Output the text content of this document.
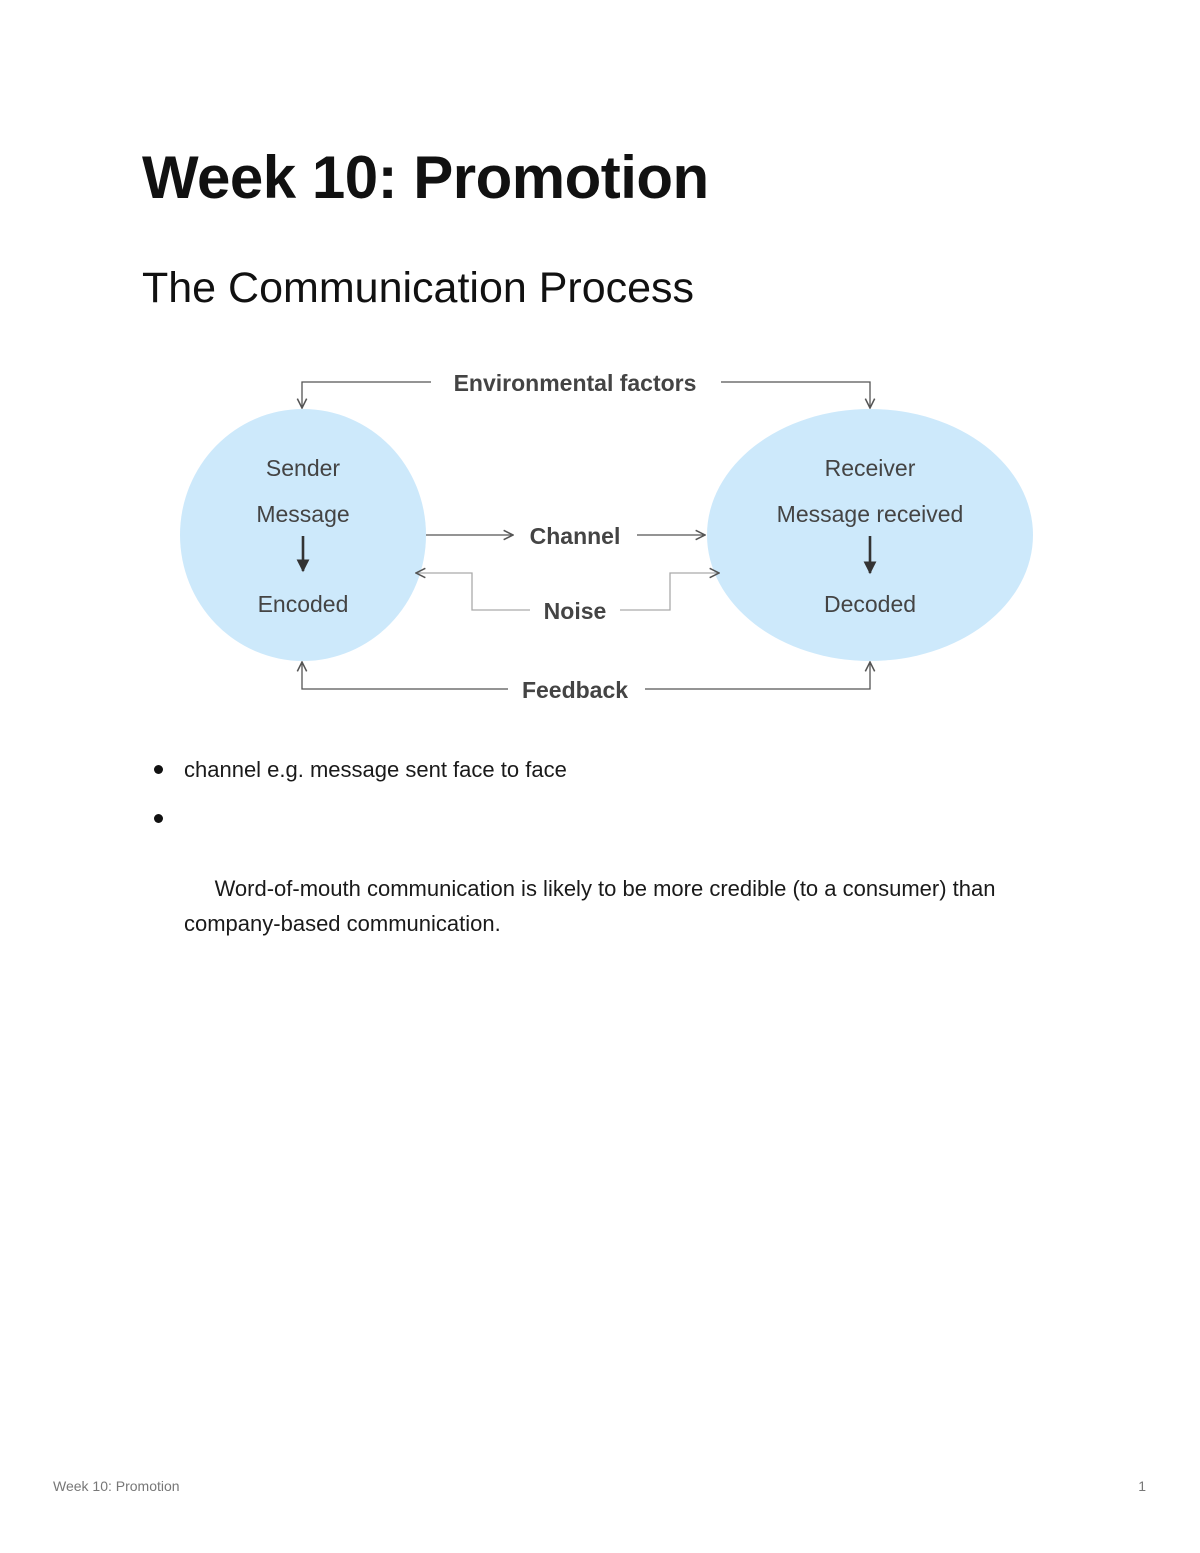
Week 10: Promotion
The Communication Process
Environmental factors
Channel
Noise
Feedback
Sender
Message
Encoded
Receiver
Message received
Decoded
channel e.g. message sent face to face

Word-of-mouth communication is likely to be more credible (to a consumer) than company-based communication.

Week 10: Promotion	1
